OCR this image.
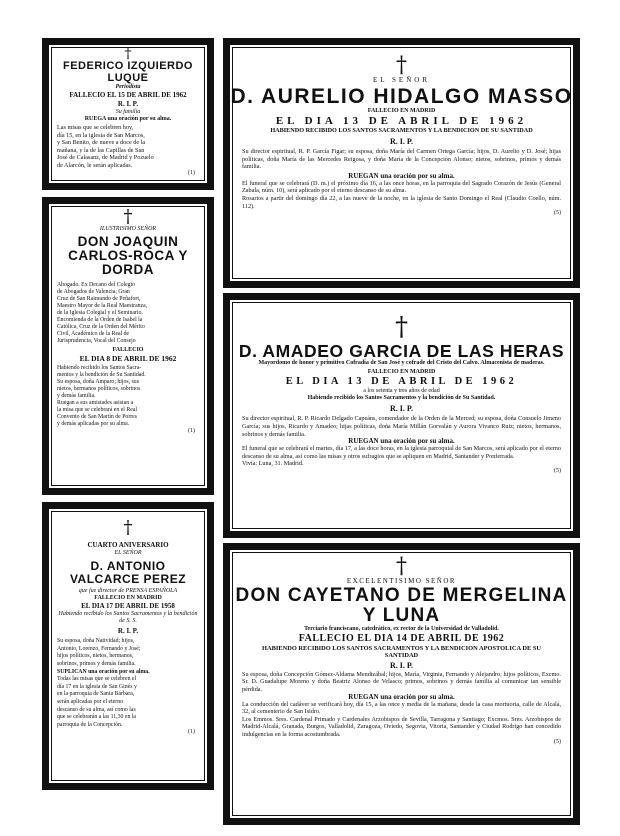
†
FEDERICO IZQUIERDO LUQUE
Periodista
FALLECIO EL 15 DE ABRIL DE 1962
R. I. P.
Su familia
RUEGA una oración por su alma.
Las misas que se celebren hoy,
día 15, en la iglesia de San Marcos,
y San Benito, de nueve a doce de la
mañana, y la de las Capillas de San
José de Calasanz, de Madrid y Pozuelo
de Alarcón, le serán aplicadas.
(1)
†
ILUSTRISIMO SEÑOR
DON JOAQUIN CARLOS-ROCA Y DORDA
Abogado. Ex Decano del Colegio
de Abogados de Valencia, Gran
Cruz de San Raimundo de Peñafort,
Maestro Mayor de la Real Maestranza,
de la Iglesia Colegial y el Seminario.
Encomienda de la Orden de Isabel la
Católica, Cruz de la Orden del Mérito
Civil, Académico de la Real de
Jurisprudencia, Vocal del Consejo
FALLECIO
EL DIA 8 DE ABRIL DE 1962
Habiendo recibido los Santos Sacra-
mentos y la bendición de Su Santidad.
Su esposa, doña Amparo; hijos, sus
nietos, hermanos políticos, sobrinos
y demás familia.
Ruegan a sus amistades asistan a
la misa que se celebrará en el Real
Convento de San Martín de Porres
y demás aplicadas por su alma.
(1)
†
CUARTO ANIVERSARIO
EL SEÑOR
D. ANTONIO VALCARCE PEREZ
que fue director de PRENSA ESPAÑOLA
FALLECIO EN MADRID
EL DIA 17 DE ABRIL DE 1958
Habiendo recibido los Santos Sacramentos y la bendición de S. S.
R. I. P.
Su esposa, doña Natividad; hijos,
Antonio, Lorenzo, Fernando y José;
hijos políticos, nietos, hermanos,
sobrinos, primos y demás familia.
SUPLICAN una oración por su alma.
Todas las misas que se celebren el
día 17 en la iglesia de San Ginés y
en la parroquia de Santa Bárbara,
serán aplicadas por el eterno
descanso de su alma, así como las
que se celebrarán a las 11,30 en la
parroquia de la Concepción.
(1)
†
EL SEÑOR
D. AURELIO HIDALGO MASSO
FALLECIO EN MADRID
EL DIA 13 DE ABRIL DE 1962
HABIENDO RECIBIDO LOS SANTOS SACRAMENTOS Y LA BENDICION DE SU SANTIDAD
R. I. P.
Su director espiritual, R. P. García Figar; su esposa, doña María del Carmen Ortega García; hijos, D. Aurelio y D. José; hijas políticas, doña María de las Mercedes Reigosa, y doña María de la Concepción Alonso; nietos, sobrinos, primos y demás familia.
RUEGAN una oración por su alma.
El funeral que se celebrará (D. m.) el próximo día 16, a las once horas, en la parroquia del Sagrado Corazón de Jesús (General Zabala, núm. 10), será aplicado por el eterno descanso de su alma.
Rosarios a partir del domingo día 22, a las nueve de la noche, en la iglesia de Santo Domingo el Real (Claudio Coello, núm. 112).
(5)
†
D. AMADEO GARCIA DE LAS HERAS
Mayordomo de honor y primitivo Cofradía de San José y cofrade del Cristo del Calvo. Almacenista de maderas.
FALLECIO EN MADRID
EL DIA 13 DE ABRIL DE 1962
a los setenta y tres años de edad
Habiendo recibido los Santos Sacramentos y la bendición de Su Santidad.
R. I. P.
Su director espiritual, R. P. Ricardo Delgado Capeáns, comendador de la Orden de la Merced; su esposa, doña Consuelo Jimeno García; sus hijos, Ricardo y Amadeo; hijas políticas, doña María Millán Gorvalán y Aurora Vivanco Ruiz; nietos, hermanos, sobrinos y demás familia.
RUEGAN una oración por su alma.
El funeral que se celebrará el martes, día 17, a las doce horas, en la iglesia parroquial de San Marcos, será aplicado por el eterno descanso de su alma, así como las misas y otros sufragios que se apliquen en Madrid, Santander y Ponferrada.
Vivía: Luna, 31. Madrid.
(5)
†
EXCELENTISIMO SEÑOR
DON CAYETANO DE MERGELINA
Y LUNA
Terciario franciscano, catedrático, ex rector de la Universidad de Valladolid.
FALLECIO EL DIA 14 DE ABRIL DE 1962
HABIENDO RECIBIDO LOS SANTOS SACRAMENTOS Y LA BENDICION APOSTOLICA DE SU SANTIDAD
R. I. P.
Su esposa, doña Concepción Gómez-Aldama Mendizábal; hijos, María, Virginia, Fernando y Alejandro; hijos políticos, Excmo. Sr. D. Guadalupe Moreno y doña Beatriz Alonso de Velasco; primos, sobrinos y demás familia al comunicar tan sensible pérdida.
RUEGAN una oración por su alma.
La conducción del cadáver se verificará hoy, día 15, a las once y media de la mañana, desde la casa mortuoria, calle de Alcalá, 32, al cementerio de San Isidro.
Los Emmos. Sres. Cardenal Primado y Cardenales Arzobispos de Sevilla, Tarragona y Santiago; Excmos. Sres. Arzobispos de Madrid-Alcalá, Granada, Burgos, Valladolid, Zaragoza, Oviedo, Segovia, Vitoria, Santander y Ciudad Rodrigo han concedido indulgencias en la forma acostumbrada.
(5)
